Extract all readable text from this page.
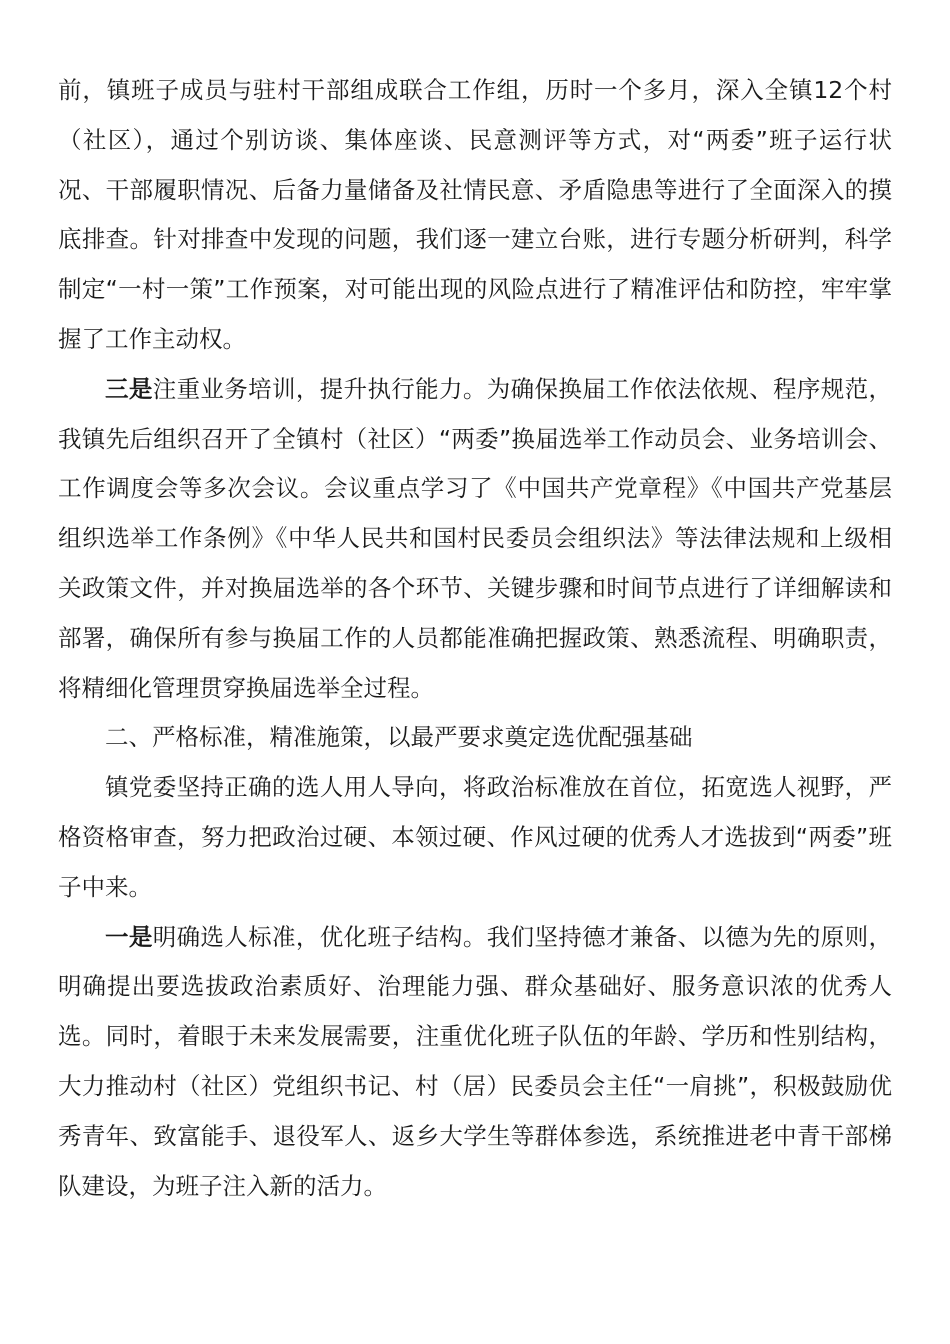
前，镇班子成员与驻村干部组成联合工作组，历时一个多月，深入全镇12个村（社区），通过个别访谈、集体座谈、民意测评等方式，对“两委”班子运行状况、干部履职情况、后备力量储备及社情民意、矛盾隐患等进行了全面深入的摸底排查。针对排查中发现的问题，我们逐一建立台账，进行专题分析研判，科学制定“一村一策”工作预案，对可能出现的风险点进行了精准评估和防控，牢牢掌握了工作主动权。

三是注重业务培训，提升执行能力。为确保换届工作依法依规、程序规范，我镇先后组织召开了全镇村（社区）“两委”换届选举工作动员会、业务培训会、工作调度会等多次会议。会议重点学习了《中国共产党章程》《中国共产党基层组织选举工作条例》《中华人民共和国村民委员会组织法》等法律法规和上级相关政策文件，并对换届选举的各个环节、关键步骤和时间节点进行了详细解读和部署，确保所有参与换届工作的人员都能准确把握政策、熟悉流程、明确职责，将精细化管理贯穿换届选举全过程。

二、严格标准，精准施策，以最严要求奠定选优配强基础

镇党委坚持正确的选人用人导向，将政治标准放在首位，拓宽选人视野，严格资格审查，努力把政治过硬、本领过硬、作风过硬的优秀人才选拔到“两委”班子中来。

一是明确选人标准，优化班子结构。我们坚持德才兼备、以德为先的原则，明确提出要选拔政治素质好、治理能力强、群众基础好、服务意识浓的优秀人选。同时，着眼于未来发展需要，注重优化班子队伍的年龄、学历和性别结构，大力推动村（社区）党组织书记、村（居）民委员会主任“一肩挑”，积极鼓励优秀青年、致富能手、退役军人、返乡大学生等群体参选，系统推进老中青干部梯队建设，为班子注入新的活力。
